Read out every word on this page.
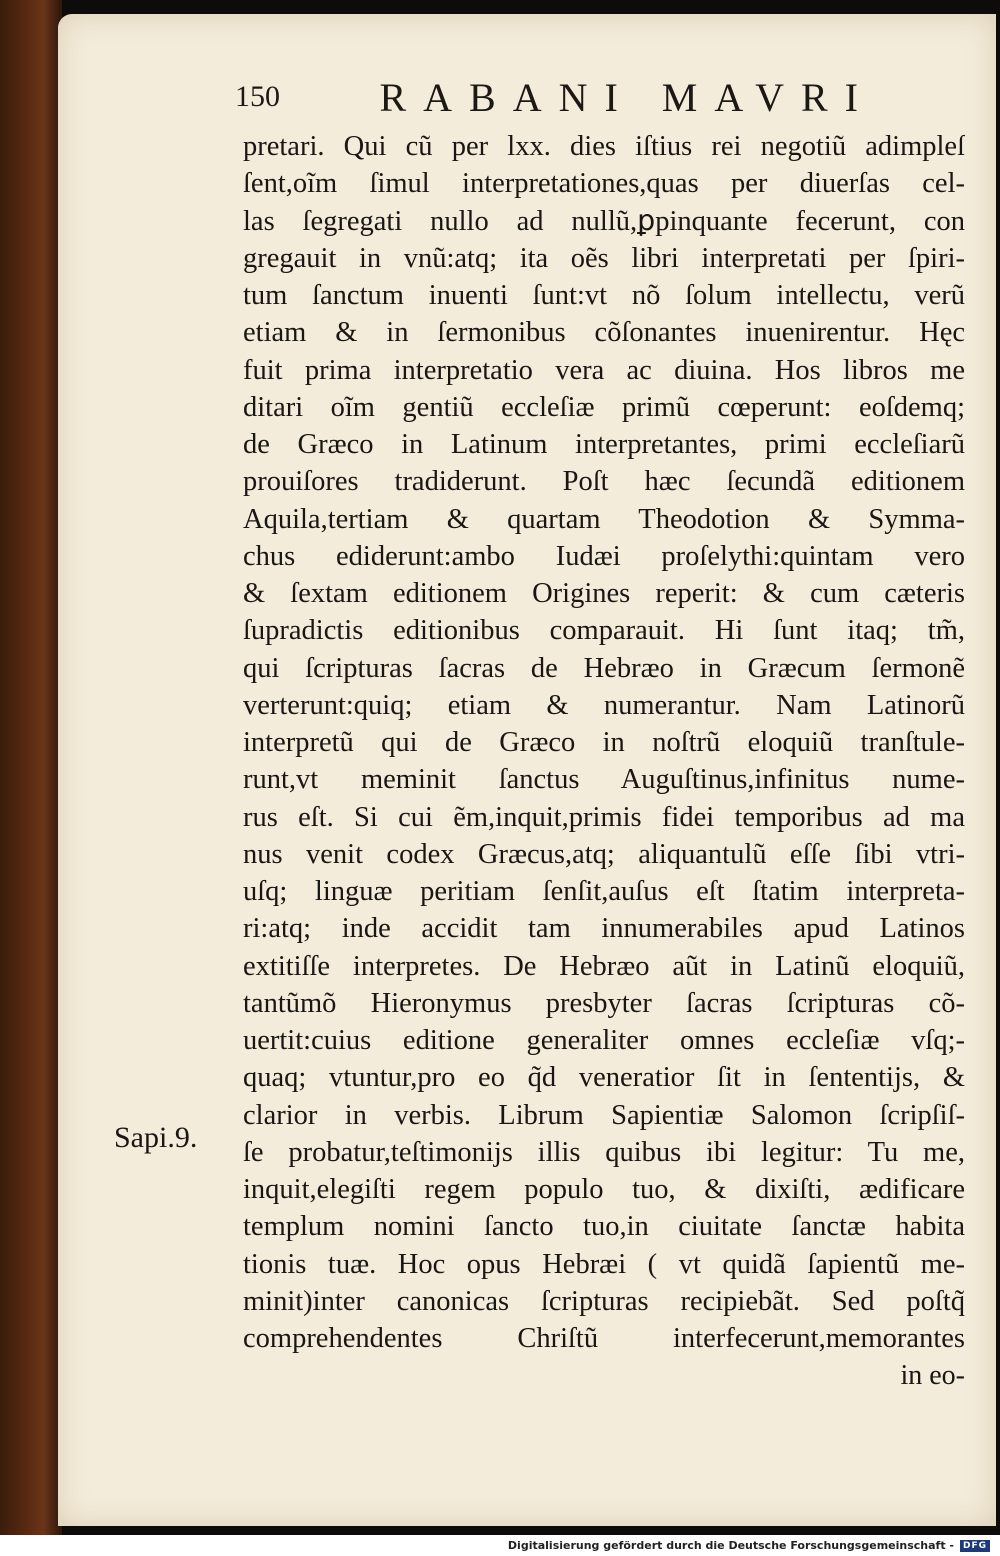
150 RABANI MAVRI
Sapi.9.
pretari. Qui cũ per lxx. dies iſtius rei negotiũ adimpleſ
ſent,oĩm ſimul interpretationes,quas per diuerſas cel-
las ſegregati nullo ad nullũ,ꝑpinquante fecerunt, con
gregauit in vnũ:atq; ita oẽs libri interpretati per ſpiri-
tum ſanctum inuenti ſunt:vt nõ ſolum intellectu, verũ
etiam & in ſermonibus cõſonantes inuenirentur. Hęc
fuit prima interpretatio vera ac diuina. Hos libros me
ditari oĩm gentiũ eccleſiæ primũ cœperunt: eoſdemq;
de Græco in Latinum interpretantes, primi eccleſiarũ
prouiſores tradiderunt. Poſt hæc ſecundã editionem
Aquila,tertiam & quartam Theodotion & Symma-
chus ediderunt:ambo Iudæi proſelythi:quintam vero
& ſextam editionem Origines reperit: & cum cæteris
ſupradictis editionibus comparauit. Hi ſunt itaq; tm̃,
qui ſcripturas ſacras de Hebræo in Græcum ſermonẽ
verterunt:quiq; etiam & numerantur. Nam Latinorũ
interpretũ qui de Græco in noſtrũ eloquiũ tranſtule-
runt,vt meminit ſanctus Auguſtinus,infinitus nume-
rus eſt. Si cui ẽm,inquit,primis fidei temporibus ad ma
nus venit codex Græcus,atq; aliquantulũ eſſe ſibi vtri-
uſq; linguæ peritiam ſenſit,auſus eſt ſtatim interpreta-
ri:atq; inde accidit tam innumerabiles apud Latinos
extitiſſe interpretes. De Hebræo aũt in Latinũ eloquiũ,
tantũmõ Hieronymus presbyter ſacras ſcripturas cõ-
uertit:cuius editione generaliter omnes eccleſiæ vſq;-
quaq; vtuntur,pro eo q̃d veneratior ſit in ſententijs, &
clarior in verbis. Librum Sapientiæ Salomon ſcripſiſ-
ſe probatur,teſtimonijs illis quibus ibi legitur: Tu me,
inquit,elegiſti regem populo tuo, & dixiſti, ædificare
templum nomini ſancto tuo,in ciuitate ſanctæ habita
tionis tuæ. Hoc opus Hebræi ( vt quidã ſapientũ me-
minit)inter canonicas ſcripturas recipiebãt. Sed poſtq̃
comprehendentes Chriſtũ interfecerunt,memorantes
in eo-
Digitalisierung gefördert durch die Deutsche Forschungsgemeinschaft -	DFG
